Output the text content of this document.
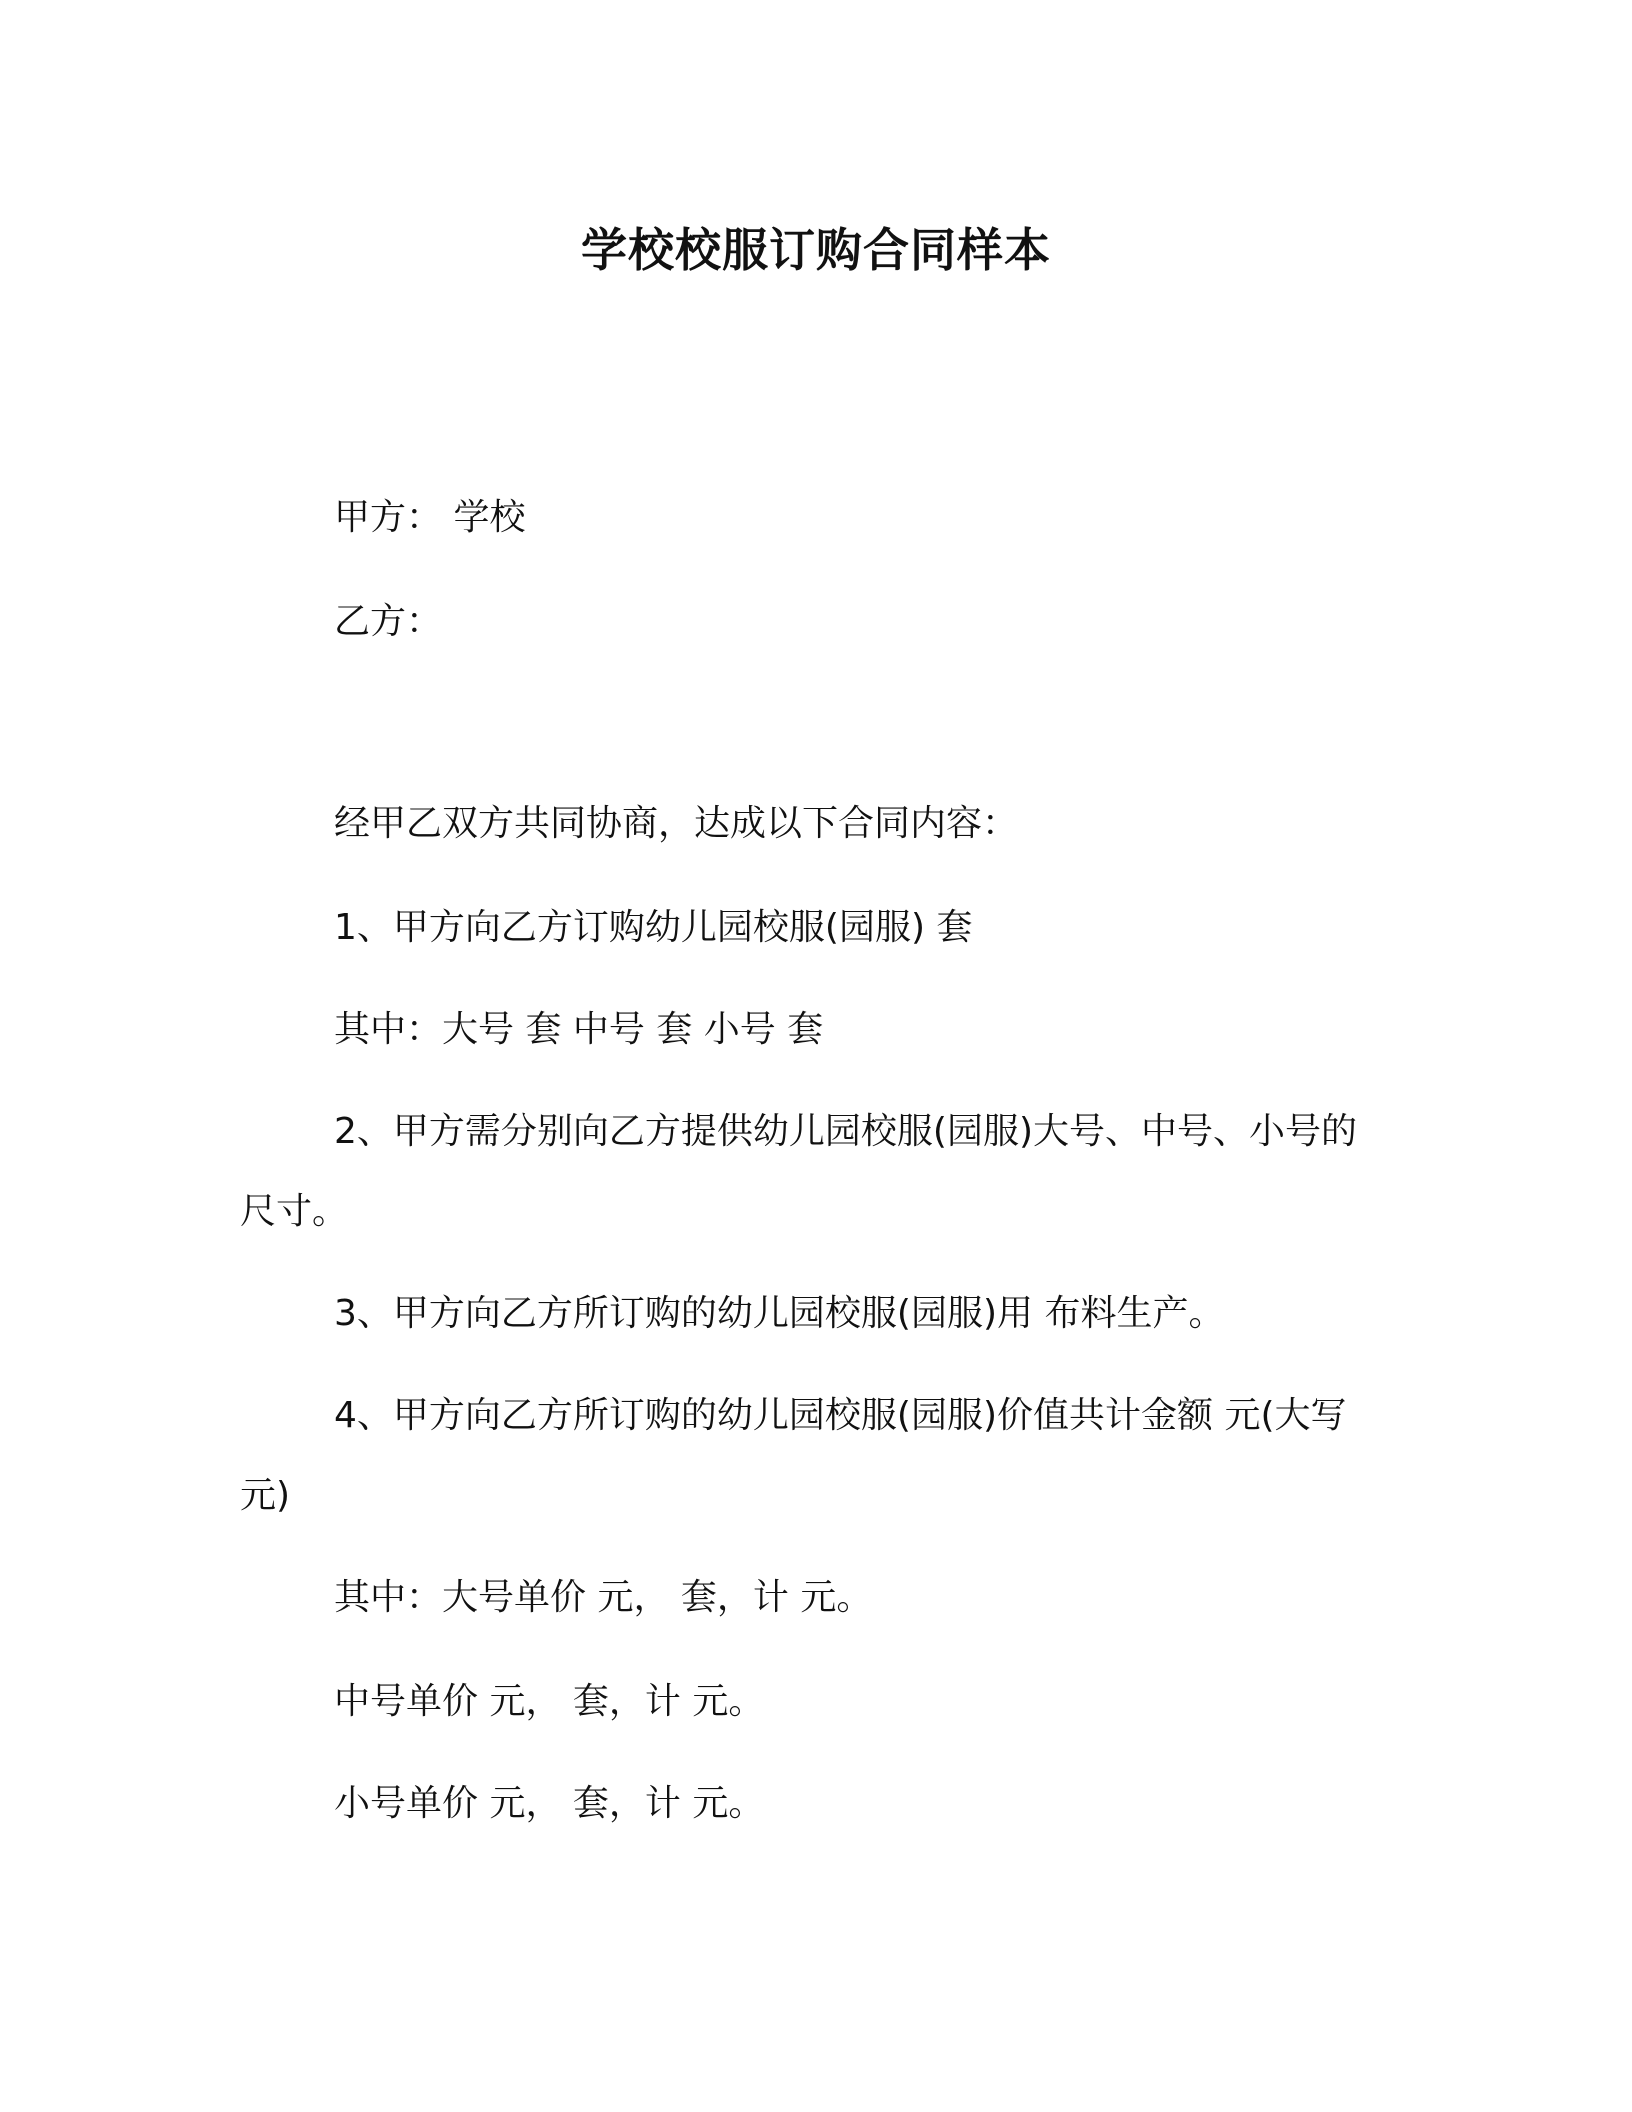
学校校服订购合同样本
甲方： 学校
乙方：
经甲乙双方共同协商，达成以下合同内容：
1、甲方向乙方订购幼儿园校服(园服) 套
其中：大号 套 中号 套 小号 套
2、甲方需分别向乙方提供幼儿园校服(园服)大号、中号、小号的
尺寸。
3、甲方向乙方所订购的幼儿园校服(园服)用 布料生产。
4、甲方向乙方所订购的幼儿园校服(园服)价值共计金额 元(大写
元)
其中：大号单价 元， 套，计 元。
中号单价 元， 套，计 元。
小号单价 元， 套，计 元。
